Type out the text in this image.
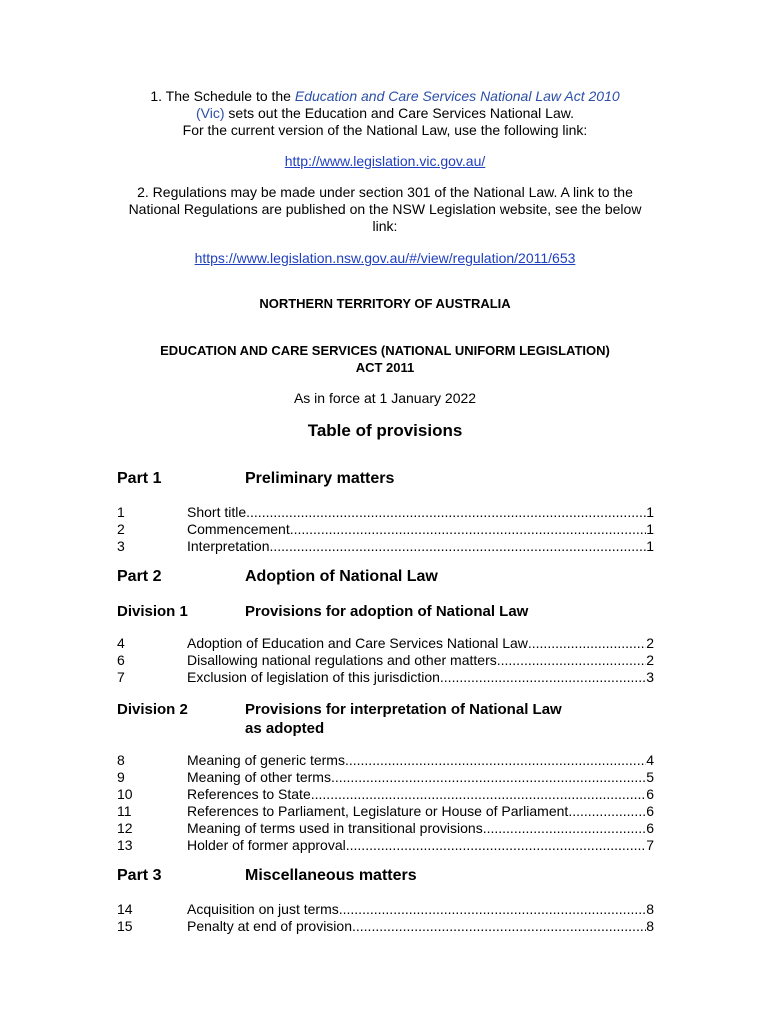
1. The Schedule to the Education and Care Services National Law Act 2010
(Vic) sets out the Education and Care Services National Law.
For the current version of the National Law, use the following link:
http://www.legislation.vic.gov.au/
2. Regulations may be made under section 301 of the National Law. A link to the National Regulations are published on the NSW Legislation website, see the below link:
https://www.legislation.nsw.gov.au/#/view/regulation/2011/653
NORTHERN TERRITORY OF AUSTRALIA
EDUCATION AND CARE SERVICES (NATIONAL UNIFORM LEGISLATION) ACT 2011
As in force at 1 January 2022
Table of provisions
Part 1	Preliminary matters
1	Short title .....	1
2	Commencement .....	1
3	Interpretation .....	1
Part 2	Adoption of National Law
Division 1	Provisions for adoption of National Law
4	Adoption of Education and Care Services National Law .....	2
6	Disallowing national regulations and other matters .....	2
7	Exclusion of legislation of this jurisdiction .....	3
Division 2	Provisions for interpretation of National Law
as adopted
8	Meaning of generic terms .....	4
9	Meaning of other terms .....	5
10	References to State .....	6
11	References to Parliament, Legislature or House of Parliament .....	6
12	Meaning of terms used in transitional provisions .....	6
13	Holder of former approval .....	7
Part 3	Miscellaneous matters
14	Acquisition on just terms .....	8
15	Penalty at end of provision .....	8
